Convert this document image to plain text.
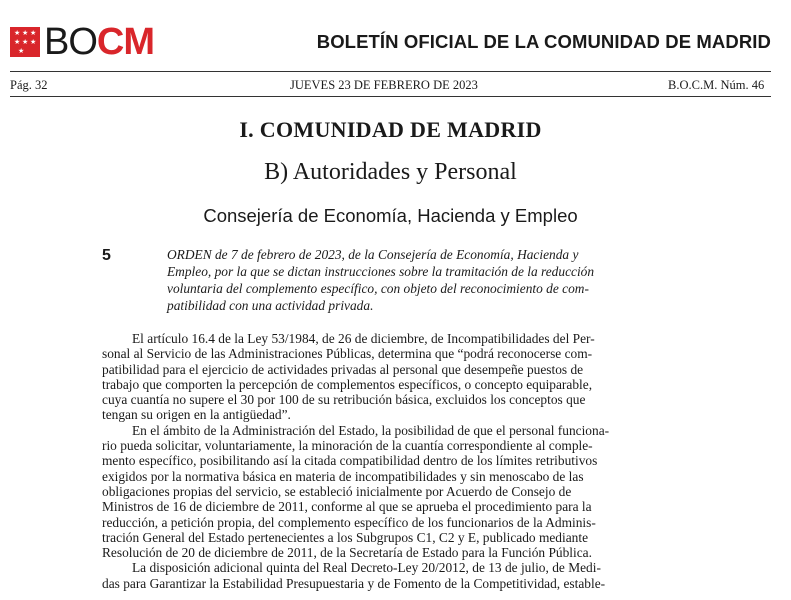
★ ★ ★
★ ★ ★
★ BOCM	BOLETÍN OFICIAL DE LA COMUNIDAD DE MADRID
Pág. 32	JUEVES 23 DE FEBRERO DE 2023	B.O.C.M. Núm. 46
I. COMUNIDAD DE MADRID
B) Autoridades y Personal
Consejería de Economía, Hacienda y Empleo
5	ORDEN de 7 de febrero de 2023, de la Consejería de Economía, Hacienda y
Empleo, por la que se dictan instrucciones sobre la tramitación de la reducción
voluntaria del complemento específico, con objeto del reconocimiento de com-
patibilidad con una actividad privada.
El artículo 16.4 de la Ley 53/1984, de 26 de diciembre, de Incompatibilidades del Per-
sonal al Servicio de las Administraciones Públicas, determina que “podrá reconocerse com-
patibilidad para el ejercicio de actividades privadas al personal que desempeñe puestos de
trabajo que comporten la percepción de complementos específicos, o concepto equiparable,
cuya cuantía no supere el 30 por 100 de su retribución básica, excluidos los conceptos que
tengan su origen en la antigüedad”.
En el ámbito de la Administración del Estado, la posibilidad de que el personal funciona-
rio pueda solicitar, voluntariamente, la minoración de la cuantía correspondiente al comple-
mento específico, posibilitando así la citada compatibilidad dentro de los límites retributivos
exigidos por la normativa básica en materia de incompatibilidades y sin menoscabo de las
obligaciones propias del servicio, se estableció inicialmente por Acuerdo de Consejo de
Ministros de 16 de diciembre de 2011, conforme al que se aprueba el procedimiento para la
reducción, a petición propia, del complemento específico de los funcionarios de la Adminis-
tración General del Estado pertenecientes a los Subgrupos C1, C2 y E, publicado mediante
Resolución de 20 de diciembre de 2011, de la Secretaría de Estado para la Función Pública.
La disposición adicional quinta del Real Decreto-Ley 20/2012, de 13 de julio, de Medi-
das para Garantizar la Estabilidad Presupuestaria y de Fomento de la Competitividad, estable-
